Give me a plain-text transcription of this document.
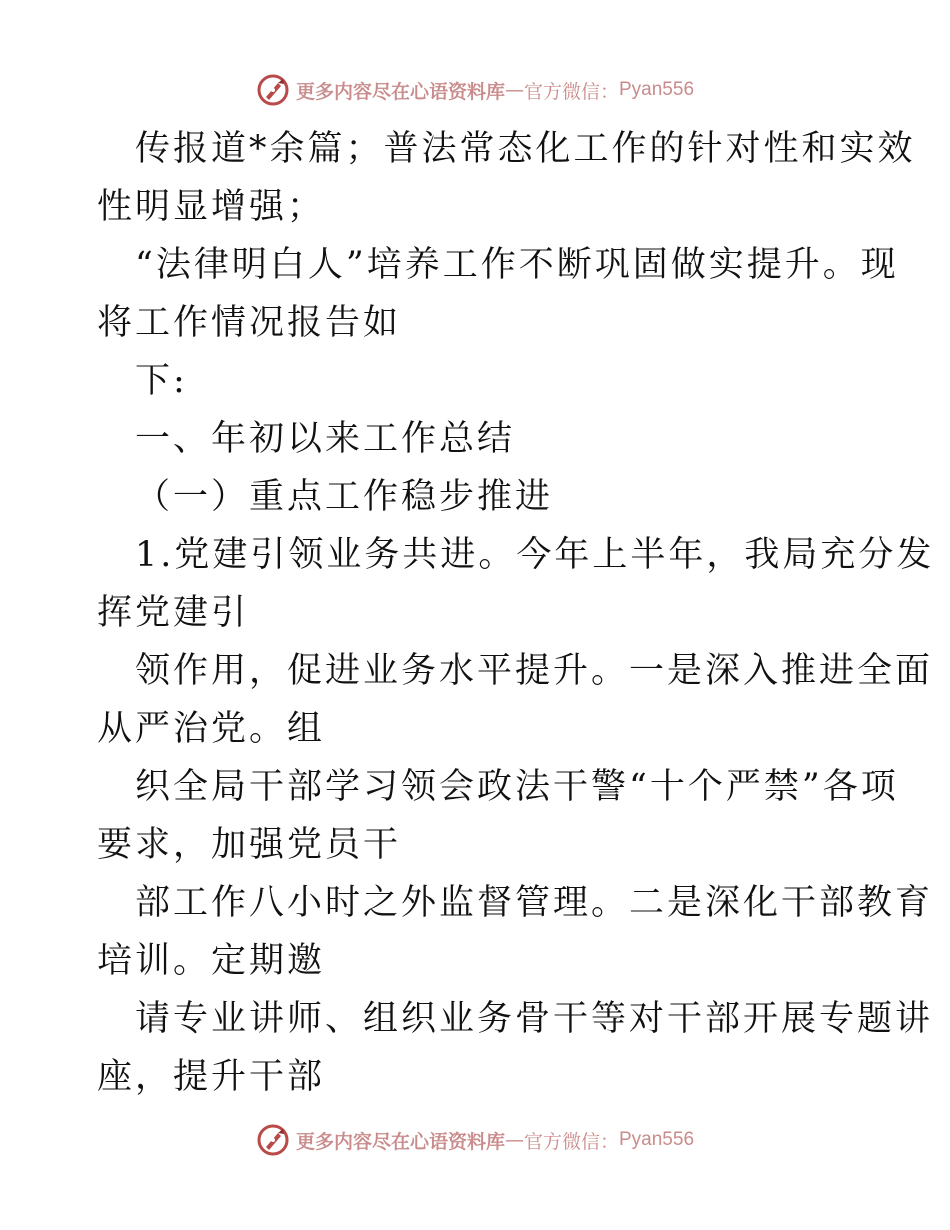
更多内容尽在心语资料库 — 官方微信： Pyan556
传报道*余篇；普法常态化工作的针对性和实效
性明显增强；
“法律明白人”培养工作不断巩固做实提升。现
将工作情况报告如
下:
一、年初以来工作总结
（一）重点工作稳步推进
1.党建引领业务共进。今年上半年，我局充分发
挥党建引
领作用，促进业务水平提升。一是深入推进全面
从严治党。组
织全局干部学习领会政法干警“十个严禁”各项
要求，加强党员干
部工作八小时之外监督管理。二是深化干部教育
培训。定期邀
请专业讲师、组织业务骨干等对干部开展专题讲
座，提升干部
更多内容尽在心语资料库 — 官方微信： Pyan556
